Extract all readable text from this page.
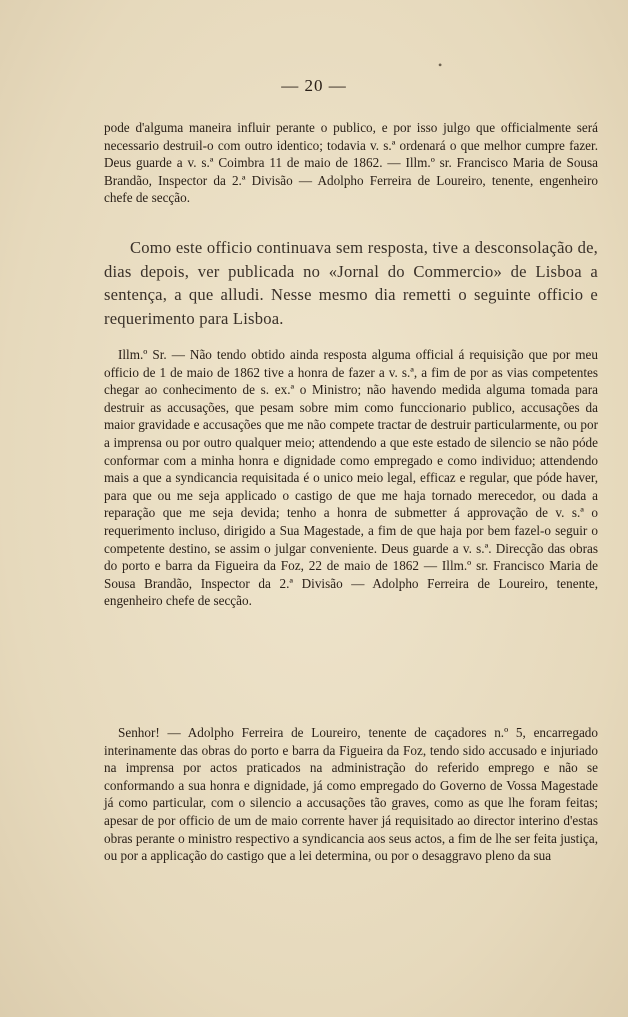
— 20 —

pode d'alguma maneira influir perante o publico, e por isso julgo que officialmente será necessario destruil-o com outro identico; todavia v. s.ª ordenará o que melhor cumpre fazer. Deus guarde a v. s.ª Coimbra 11 de maio de 1862. — Illm.º sr. Francisco Maria de Sousa Brandão, Inspector da 2.ª Divisão — Adolpho Ferreira de Loureiro, tenente, engenheiro chefe de secção.

Como este officio continuava sem resposta, tive a desconsolação de, dias depois, ver publicada no «Jornal do Commercio» de Lisboa a sentença, a que alludi. Nesse mesmo dia remetti o seguinte officio e requerimento para Lisboa.

Illm.º Sr. — Não tendo obtido ainda resposta alguma official á requisição que por meu officio de 1 de maio de 1862 tive a honra de fazer a v. s.ª, a fim de por as vias competentes chegar ao conhecimento de s. ex.ª o Ministro; não havendo medida alguma tomada para destruir as accusações, que pesam sobre mim como funccionario publico, accusações da maior gravidade e accusações que me não compete tractar de destruir particularmente, ou por a imprensa ou por outro qualquer meio; attendendo a que este estado de silencio se não póde conformar com a minha honra e dignidade como empregado e como individuo; attendendo mais a que a syndicancia requisitada é o unico meio legal, efficaz e regular, que póde haver, para que ou me seja applicado o castigo de que me haja tornado merecedor, ou dada a reparação que me seja devida; tenho a honra de submetter á approvação de v. s.ª o requerimento incluso, dirigido a Sua Magestade, a fim de que haja por bem fazel-o seguir o competente destino, se assim o julgar conveniente. Deus guarde a v. s.ª. Direcção das obras do porto e barra da Figueira da Foz, 22 de maio de 1862 — Illm.º sr. Francisco Maria de Sousa Brandão, Inspector da 2.ª Divisão — Adolpho Ferreira de Loureiro, tenente, engenheiro chefe de secção.

Senhor! — Adolpho Ferreira de Loureiro, tenente de caçadores n.º 5, encarregado interinamente das obras do porto e barra da Figueira da Foz, tendo sido accusado e injuriado na imprensa por actos praticados na administração do referido emprego e não se conformando a sua honra e dignidade, já como empregado do Governo de Vossa Magestade já como particular, com o silencio a accusações tão graves, como as que lhe foram feitas; apesar de por officio de um de maio corrente haver já requisitado ao director interino d'estas obras perante o ministro respectivo a syndicancia aos seus actos, a fim de lhe ser feita justiça, ou por a applicação do castigo que a lei determina, ou por o desaggravo pleno da sua

•
